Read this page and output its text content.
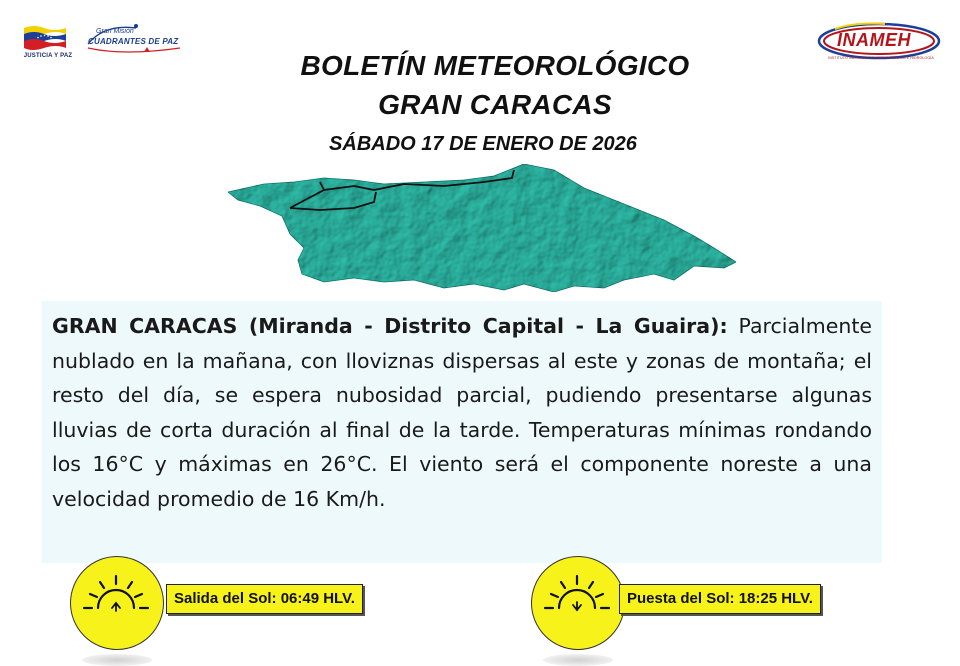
JUSTICIA Y PAZ
Gran Misión
CUADRANTES DE PAZ	INAMEH
INSTITUTO NACIONAL DE METEOROLOGÍA E HIDROLOGÍA
BOLETÍN METEOROLÓGICO
GRAN CARACAS
SÁBADO 17 DE ENERO DE 2026

GRAN CARACAS (Miranda - Distrito Capital - La Guaira): Parcialmente nublado en la mañana, con lloviznas dispersas al este y zonas de montaña; el resto del día, se espera nubosidad parcial, pudiendo presentarse algunas lluvias de corta duración al final de la tarde. Temperaturas mínimas rondando los 16°C y máximas en 26°C. El viento será el componente noreste a una velocidad promedio de 16 Km/h.

Salida del Sol: 06:49 HLV.	Puesta del Sol: 18:25 HLV.
